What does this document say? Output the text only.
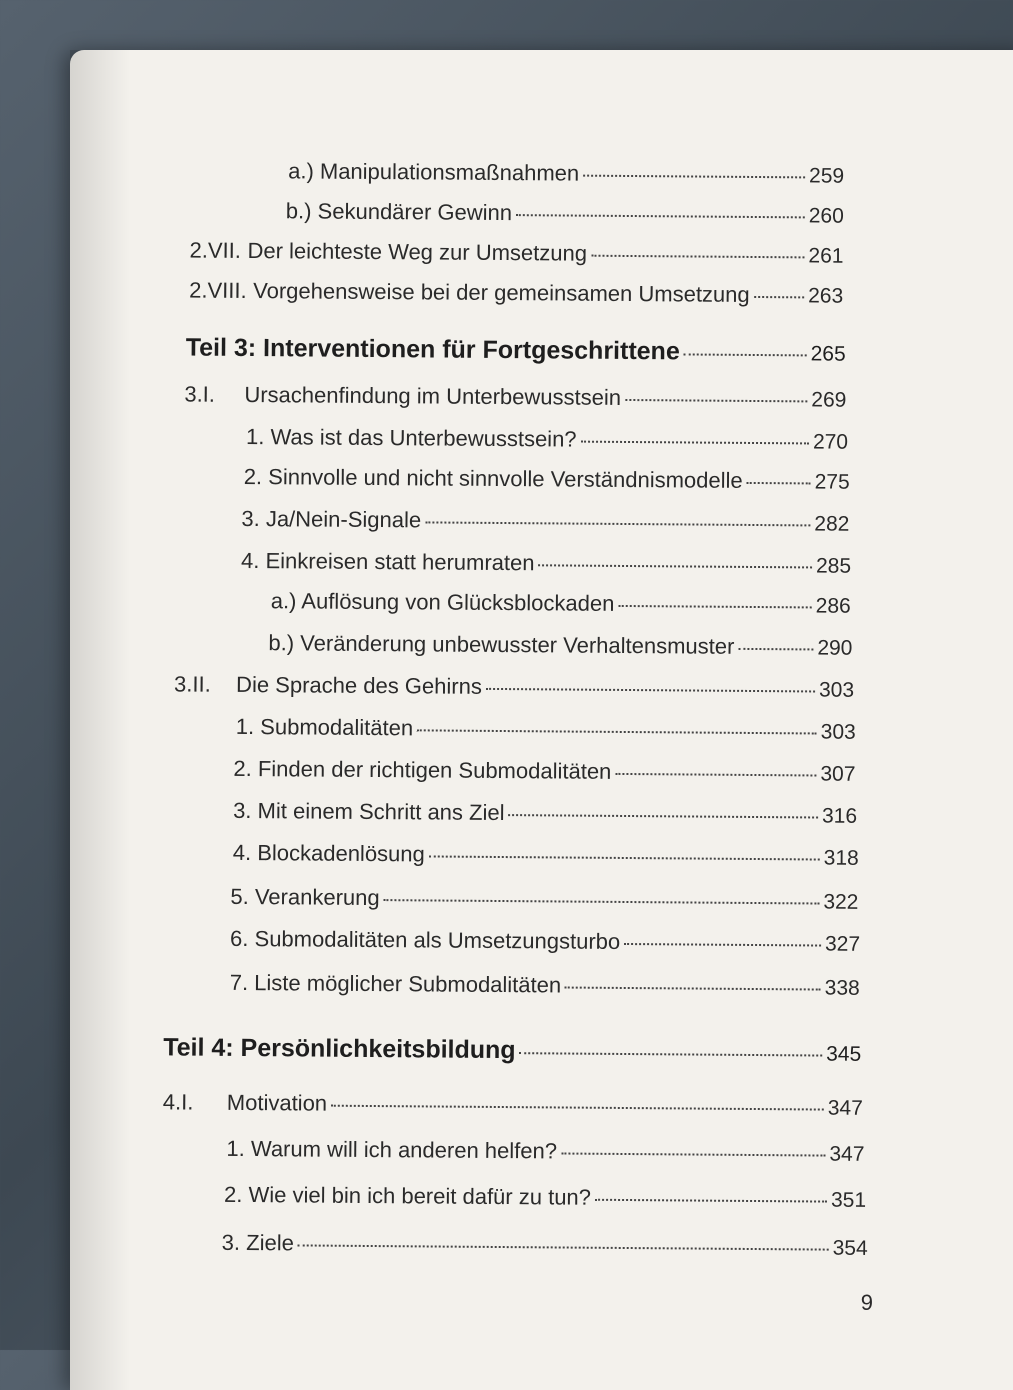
a.) Manipulationsmaßnahmen	259
b.) Sekundärer Gewinn	260
2.VII. Der leichteste Weg zur Umsetzung	261
2.VIII. Vorgehensweise bei der gemeinsamen Umsetzung	263
Teil 3: Interventionen für Fortgeschrittene	265
3.I.	Ursachenfindung im Unterbewusstsein	269
1. Was ist das Unterbewusstsein?	270
2. Sinnvolle und nicht sinnvolle Verständnismodelle	275
3. Ja/Nein-Signale	282
4. Einkreisen statt herumraten	285
a.) Auflösung von Glücksblockaden	286
b.) Veränderung unbewusster Verhaltensmuster	290
3.II.	Die Sprache des Gehirns	303
1. Submodalitäten	303
2. Finden der richtigen Submodalitäten	307
3. Mit einem Schritt ans Ziel	316
4. Blockadenlösung	318
5. Verankerung	322
6. Submodalitäten als Umsetzungsturbo	327
7. Liste möglicher Submodalitäten	338
Teil 4: Persönlichkeitsbildung	345
4.I.	Motivation	347
1. Warum will ich anderen helfen?	347
2. Wie viel bin ich bereit dafür zu tun?	351
3. Ziele	354
9
